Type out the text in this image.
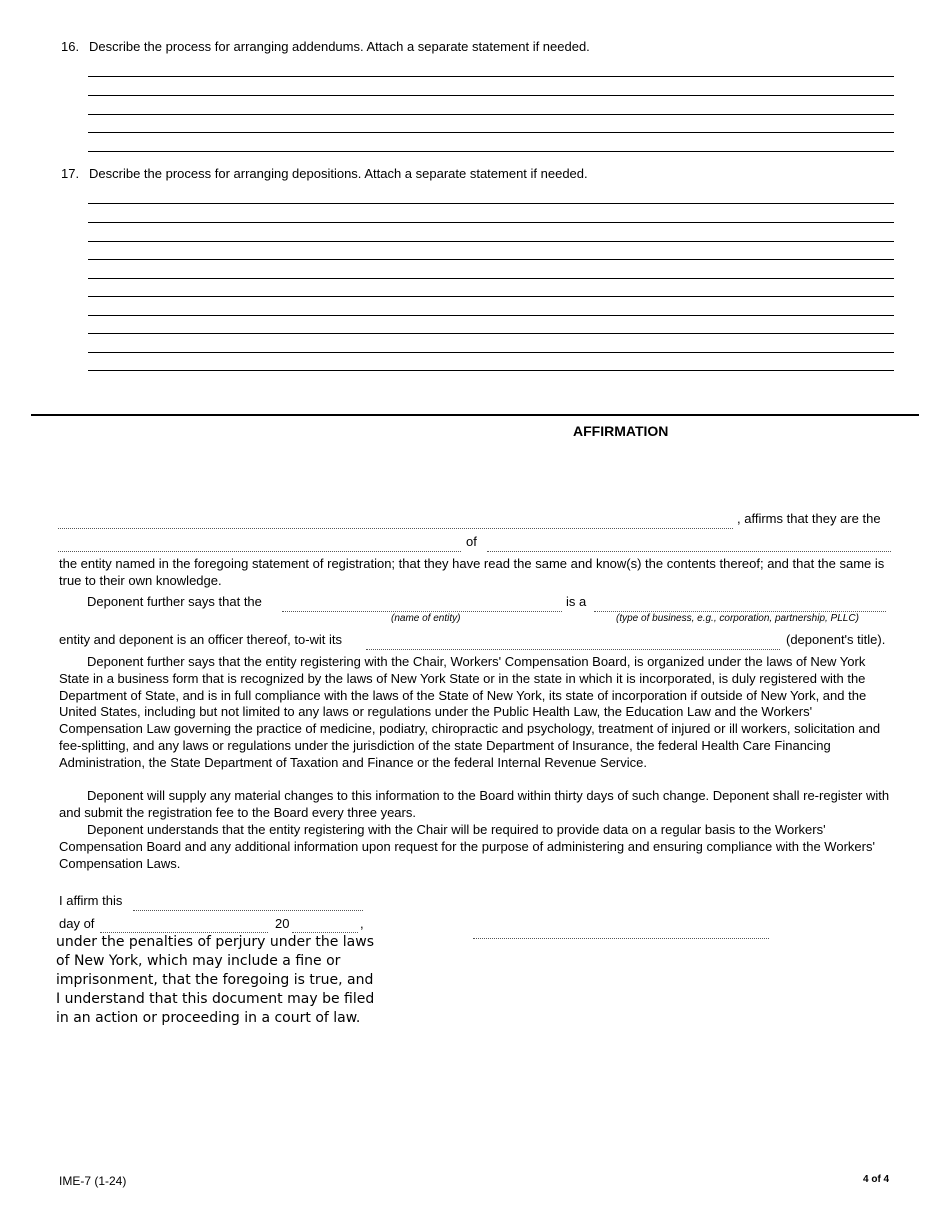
16. Describe the process for arranging addendums. Attach a separate statement if needed.
17. Describe the process for arranging depositions. Attach a separate statement if needed.
AFFIRMATION
, affirms that they are the
of
the entity named in the foregoing statement of registration; that they have read the same and know(s) the contents thereof; and that the same is true to their own knowledge.
Deponent further says that the	is a
(name of entity)	(type of business, e.g., corporation, partnership, PLLC)
entity and deponent is an officer thereof, to-wit its	(deponent's title).
Deponent further says that the entity registering with the Chair, Workers' Compensation Board, is organized under the laws of New York State in a business form that is recognized by the laws of New York State or in the state in which it is incorporated, is duly registered with the Department of State, and is in full compliance with the laws of the State of New York, its state of incorporation if outside of New York, and the United States, including but not limited to any laws or regulations under the Public Health Law, the Education Law and the Workers' Compensation Law governing the practice of medicine, podiatry, chiropractic and psychology, treatment of injured or ill workers, solicitation and fee-splitting, and any laws or regulations under the jurisdiction of the state Department of Insurance, the federal Health Care Financing Administration, the State Department of Taxation and Finance or the federal Internal Revenue Service.
Deponent will supply any material changes to this information to the Board within thirty days of such change. Deponent shall re-register with and submit the registration fee to the Board every three years.
Deponent understands that the entity registering with the Chair will be required to provide data on a regular basis to the Workers' Compensation Board and any additional information upon request for the purpose of administering and ensuring compliance with the Workers' Compensation Laws.
I affirm this
day of	20	,
under the penalties of perjury under the laws of New York, which may include a fine or imprisonment, that the foregoing is true, and I understand that this document may be filed in an action or proceeding in a court of law.
IME-7 (1-24)	4 of 4
